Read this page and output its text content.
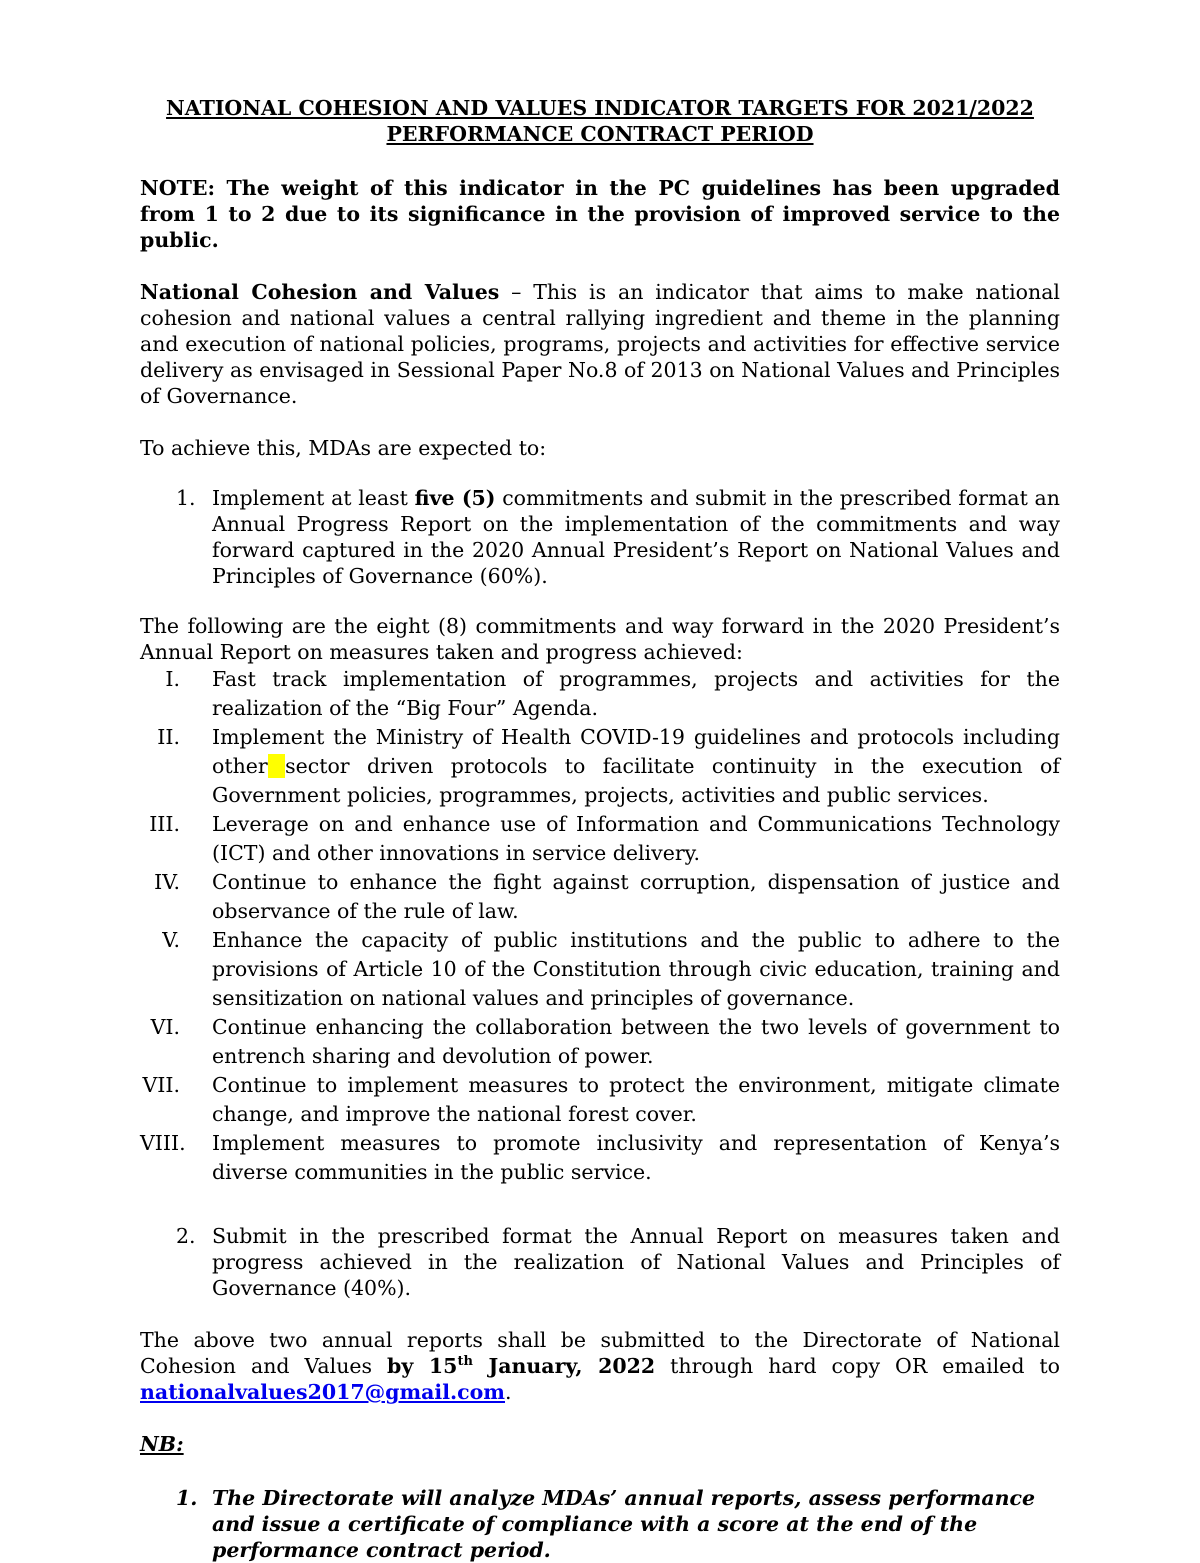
NATIONAL COHESION AND VALUES INDICATOR TARGETS FOR 2021/2022
PERFORMANCE CONTRACT PERIOD

NOTE: The weight of this indicator in the PC guidelines has been upgraded from 1 to 2 due to its significance in the provision of improved service to the public.

National Cohesion and Values – This is an indicator that aims to make national cohesion and national values a central rallying ingredient and theme in the planning and execution of national policies, programs, projects and activities for effective service delivery as envisaged in Sessional Paper No.8 of 2013 on National Values and Principles of Governance.

To achieve this, MDAs are expected to:

1. Implement at least five (5) commitments and submit in the prescribed format an Annual Progress Report on the implementation of the commitments and way forward captured in the 2020 Annual President’s Report on National Values and Principles of Governance (60%).

The following are the eight (8) commitments and way forward in the 2020 President’s Annual Report on measures taken and progress achieved:

I. Fast track implementation of programmes, projects and activities for the realization of the “Big Four” Agenda.
II. Implement the Ministry of Health COVID-19 guidelines and protocols including other sector driven protocols to facilitate continuity in the execution of Government policies, programmes, projects, activities and public services.
III. Leverage on and enhance use of Information and Communications Technology (ICT) and other innovations in service delivery.
IV. Continue to enhance the fight against corruption, dispensation of justice and observance of the rule of law.
V. Enhance the capacity of public institutions and the public to adhere to the provisions of Article 10 of the Constitution through civic education, training and sensitization on national values and principles of governance.
VI. Continue enhancing the collaboration between the two levels of government to entrench sharing and devolution of power.
VII. Continue to implement measures to protect the environment, mitigate climate change, and improve the national forest cover.
VIII. Implement measures to promote inclusivity and representation of Kenya’s diverse communities in the public service.
2. Submit in the prescribed format the Annual Report on measures taken and progress achieved in the realization of National Values and Principles of Governance (40%).

The above two annual reports shall be submitted to the Directorate of National Cohesion and Values by 15th January, 2022 through hard copy OR emailed to nationalvalues2017@gmail.com.

NB:

1. The Directorate will analyze MDAs’ annual reports, assess performance and issue a certificate of compliance with a score at the end of the performance contract period.
